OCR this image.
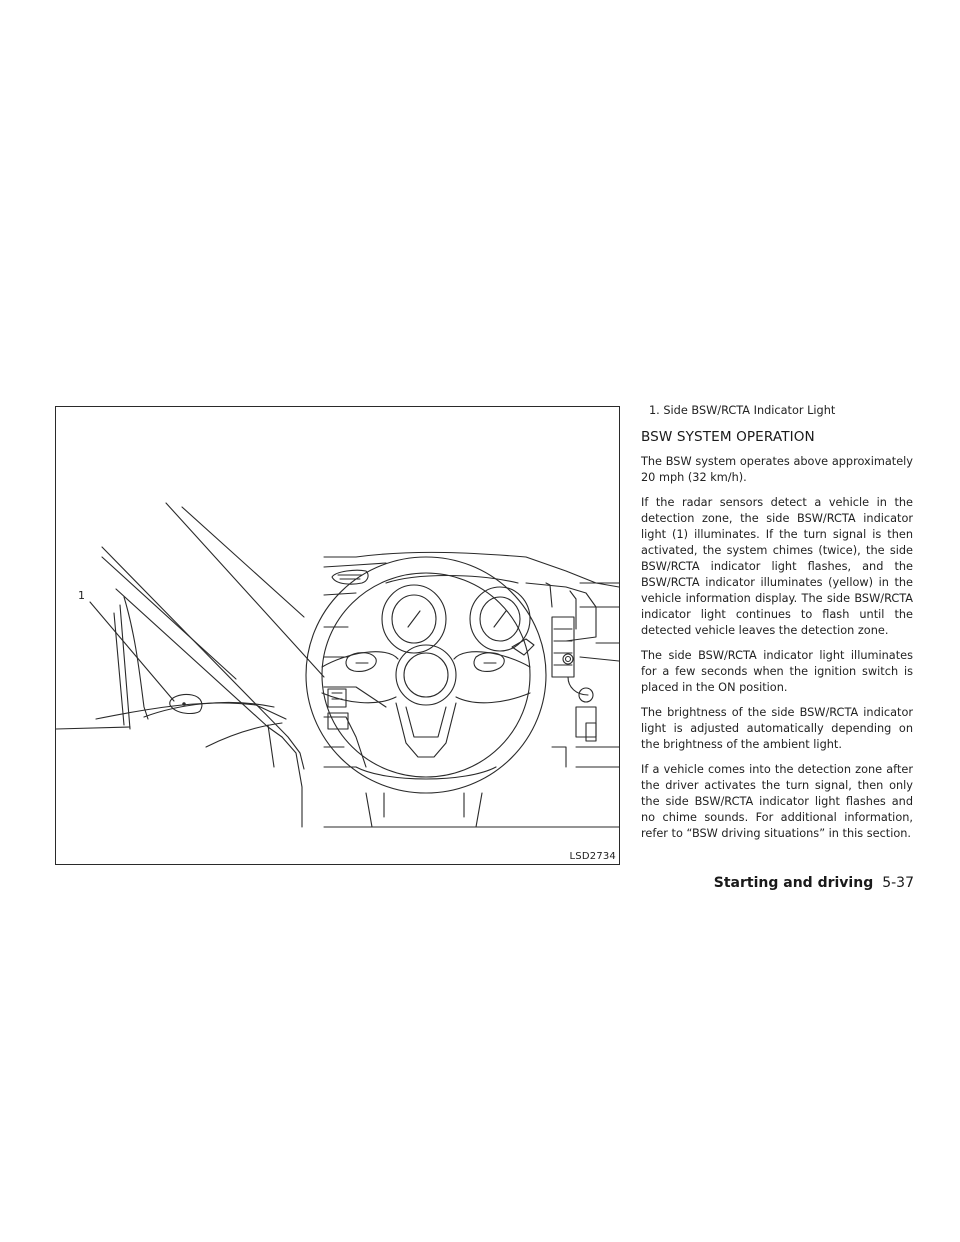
1
LSD2734

1. Side BSW/RCTA Indicator Light

BSW SYSTEM OPERATION

The BSW system operates above approximately 20 mph (32 km/h).

If the radar sensors detect a vehicle in the detection zone, the side BSW/RCTA indicator light (1) illuminates. If the turn signal is then activated, the system chimes (twice), the side BSW/RCTA indicator light flashes, and the BSW/RCTA indicator illuminates (yellow) in the vehicle information display. The side BSW/RCTA indicator light continues to flash until the detected vehicle leaves the detection zone.

The side BSW/RCTA indicator light illuminates for a few seconds when the ignition switch is placed in the ON position.

The brightness of the side BSW/RCTA indicator light is adjusted automatically depending on the brightness of the ambient light.

If a vehicle comes into the detection zone after the driver activates the turn signal, then only the side BSW/RCTA indicator light flashes and no chime sounds. For additional information, refer to “BSW driving situations” in this section.

Starting and driving 5-37
